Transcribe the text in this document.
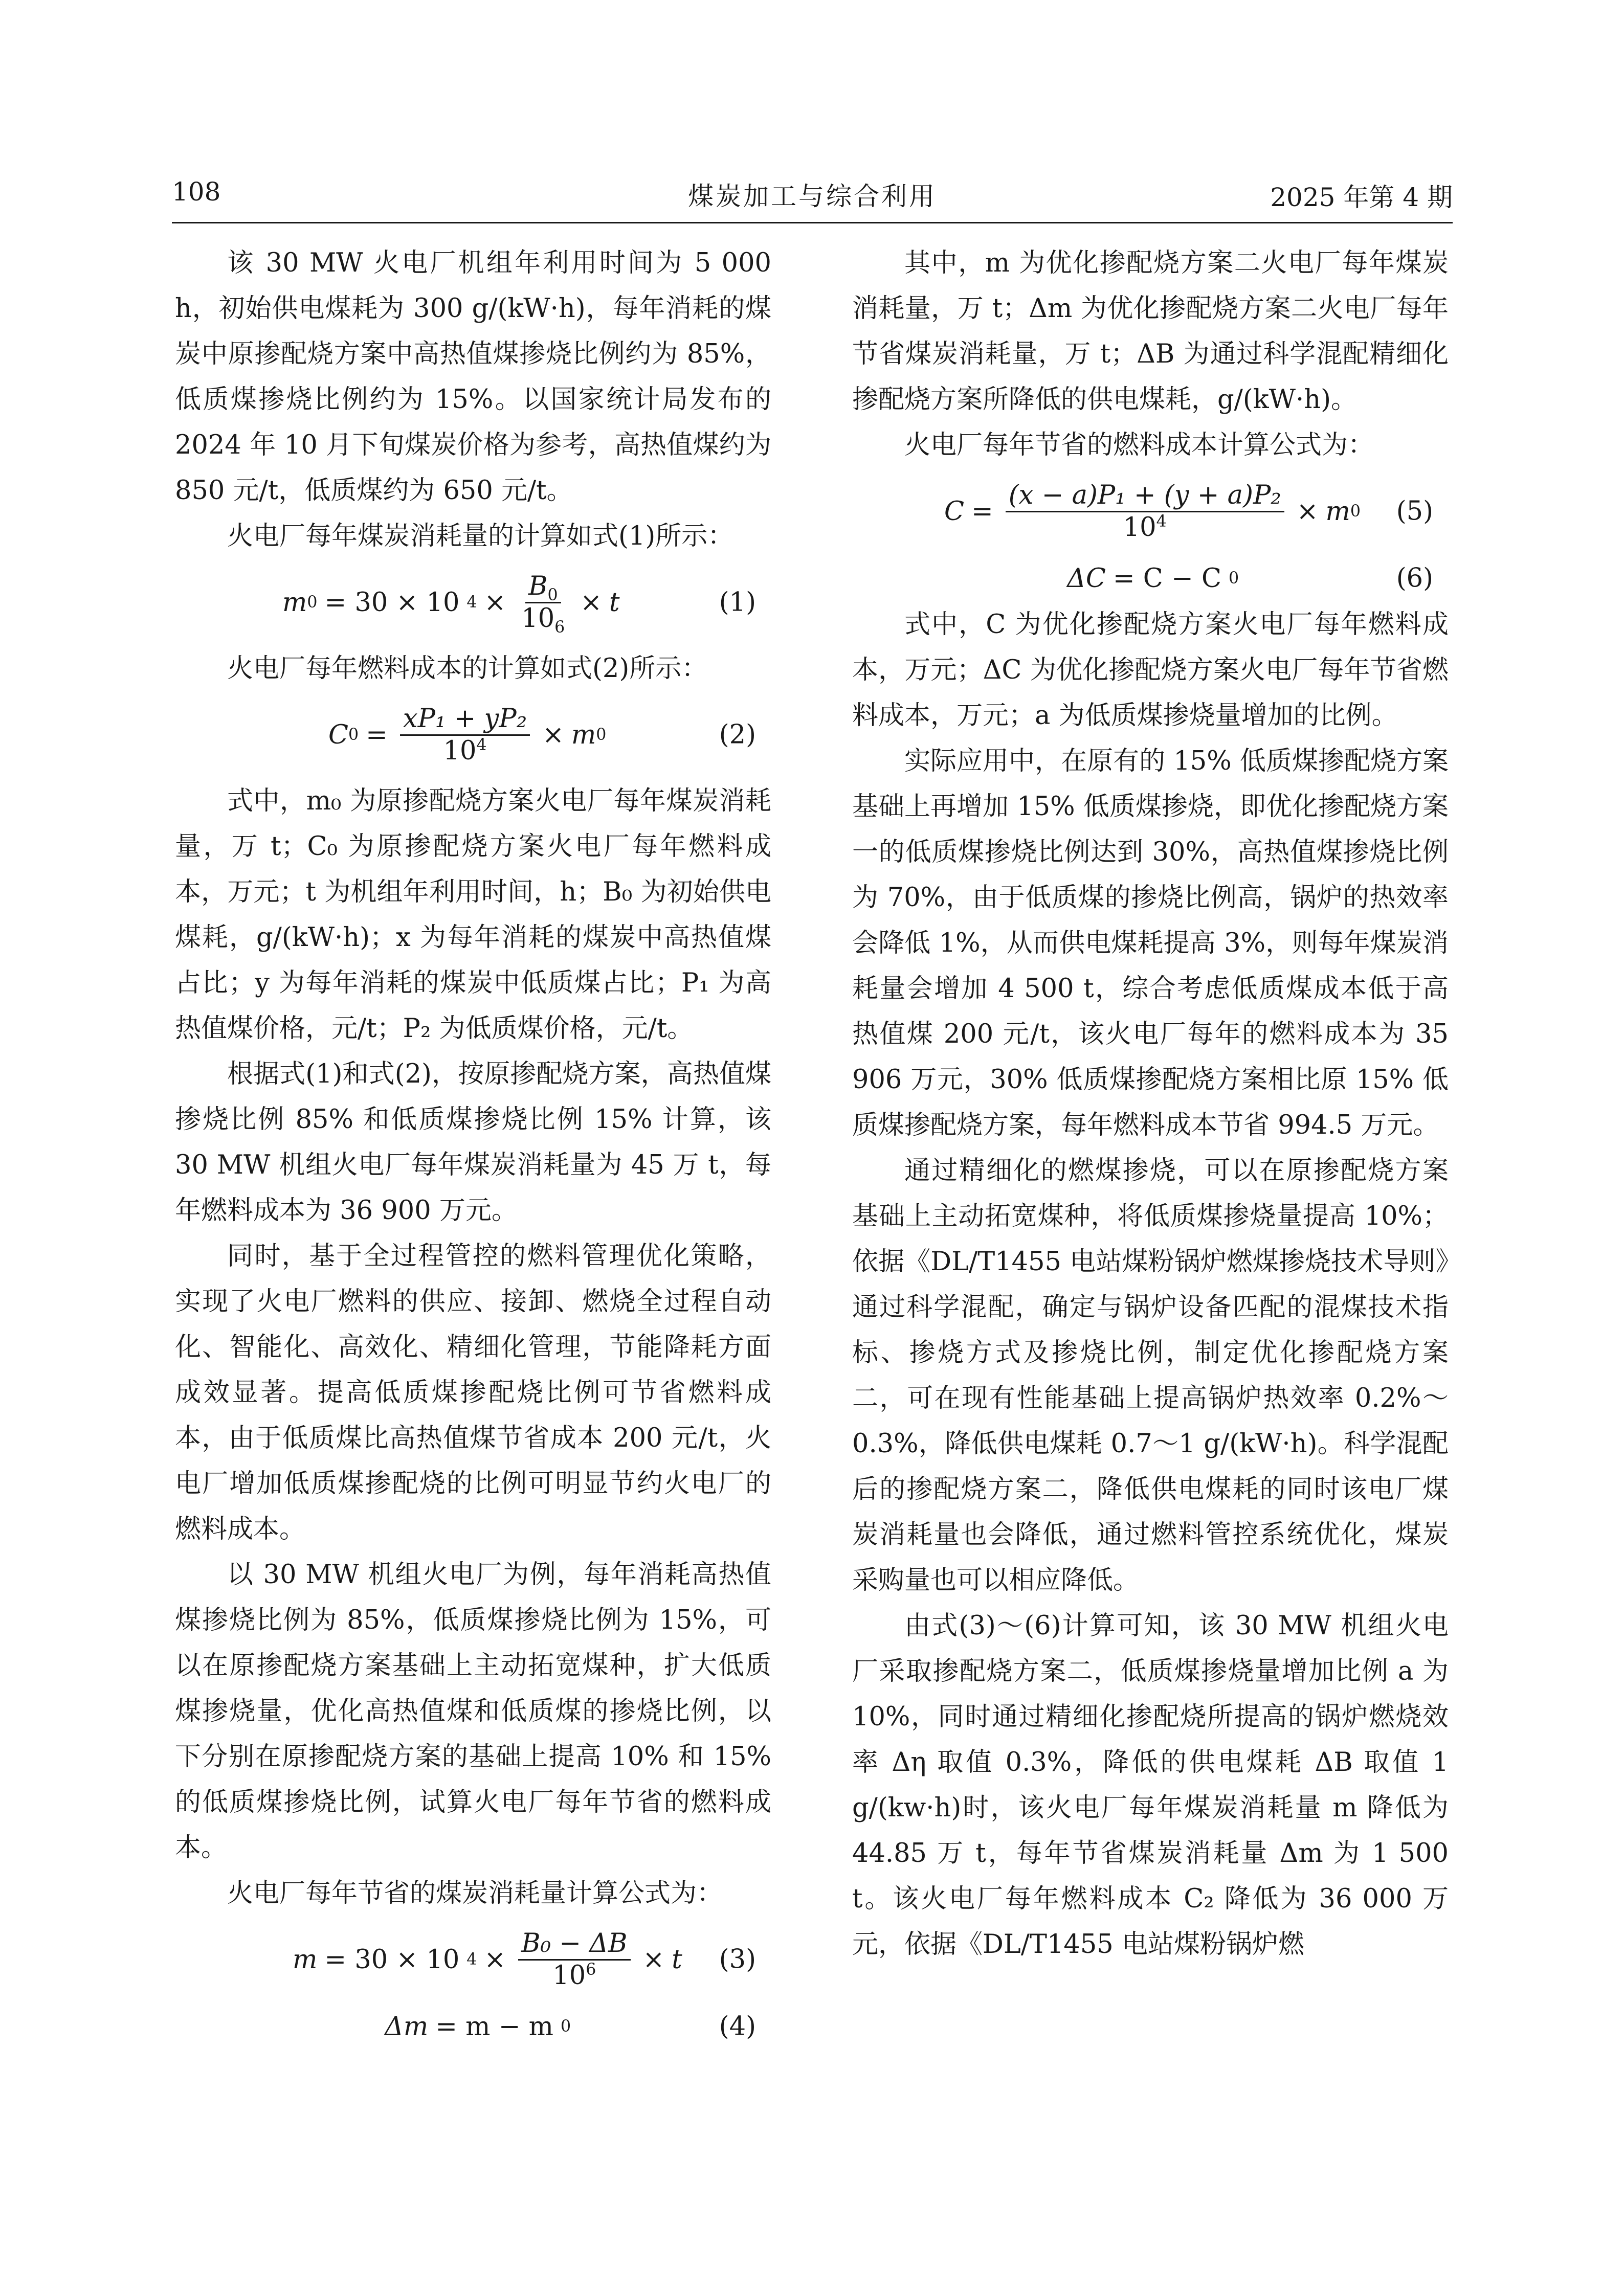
108	煤炭加工与综合利用	2025 年第 4 期

该 30 MW 火电厂机组年利用时间为 5 000 h，初始供电煤耗为 300 g/(kW·h)，每年消耗的煤炭中原掺配烧方案中高热值煤掺烧比例约为 85%，低质煤掺烧比例约为 15%。以国家统计局发布的 2024 年 10 月下旬煤炭价格为参考，高热值煤约为 850 元/t，低质煤约为 650 元/t。

火电厂每年煤炭消耗量的计算如式(1)所示：

m 0 = 30 × 10 $4 \times \frac{B_0}{10_6} \times t$	(1)

火电厂每年燃料成本的计算如式(2)所示：

C $0 = \frac{\text{xP₁ + yP₂}}{10^4} \times m$ 0	(2)

式中，m₀ 为原掺配烧方案火电厂每年煤炭消耗量，万 t；C₀ 为原掺配烧方案火电厂每年燃料成本，万元；t 为机组年利用时间，h；B₀ 为初始供电煤耗，g/(kW·h)；x 为每年消耗的煤炭中高热值煤占比；y 为每年消耗的煤炭中低质煤占比；P₁ 为高热值煤价格，元/t；P₂ 为低质煤价格，元/t。

根据式(1)和式(2)，按原掺配烧方案，高热值煤掺烧比例 85% 和低质煤掺烧比例 15% 计算，该 30 MW 机组火电厂每年煤炭消耗量为 45 万 t，每年燃料成本为 36 900 万元。

同时，基于全过程管控的燃料管理优化策略，实现了火电厂燃料的供应、接卸、燃烧全过程自动化、智能化、高效化、精细化管理，节能降耗方面成效显著。提高低质煤掺配烧比例可节省燃料成本，由于低质煤比高热值煤节省成本 200 元/t，火电厂增加低质煤掺配烧的比例可明显节约火电厂的燃料成本。

以 30 MW 机组火电厂为例，每年消耗高热值煤掺烧比例为 85%，低质煤掺烧比例为 15%，可以在原掺配烧方案基础上主动拓宽煤种，扩大低质煤掺烧量，优化高热值煤和低质煤的掺烧比例，以下分别在原掺配烧方案的基础上提高 10% 和 15% 的低质煤掺烧比例，试算火电厂每年节省的燃料成本。

火电厂每年节省的煤炭消耗量计算公式为：

m = 30 × 10 $4 \times \frac{\text{B₀ − ΔB}}{10^6} \times t$ (3)
Δm = m − m 0	(4)

其中，m 为优化掺配烧方案二火电厂每年煤炭消耗量，万 t；Δm 为优化掺配烧方案二火电厂每年节省煤炭消耗量，万 t；ΔB 为通过科学混配精细化掺配烧方案所降低的供电煤耗，g/(kW·h)。

火电厂每年节省的燃料成本计算公式为：

$C = \frac{\text{(x − a)P₁ + (y + a)P₂}}{10^4} \times m$ 0 (5)
ΔC = C − C 0	(6)

式中，C 为优化掺配烧方案火电厂每年燃料成本，万元；ΔC 为优化掺配烧方案火电厂每年节省燃料成本，万元；a 为低质煤掺烧量增加的比例。

实际应用中，在原有的 15% 低质煤掺配烧方案基础上再增加 15% 低质煤掺烧，即优化掺配烧方案一的低质煤掺烧比例达到 30%，高热值煤掺烧比例为 70%，由于低质煤的掺烧比例高，锅炉的热效率会降低 1%，从而供电煤耗提高 3%，则每年煤炭消耗量会增加 4 500 t，综合考虑低质煤成本低于高热值煤 200 元/t，该火电厂每年的燃料成本为 35 906 万元，30% 低质煤掺配烧方案相比原 15% 低质煤掺配烧方案，每年燃料成本节省 994.5 万元。

通过精细化的燃煤掺烧，可以在原掺配烧方案基础上主动拓宽煤种，将低质煤掺烧量提高 10%；依据《DL/T1455 电站煤粉锅炉燃煤掺烧技术导则》通过科学混配，确定与锅炉设备匹配的混煤技术指标、掺烧方式及掺烧比例，制定优化掺配烧方案二，可在现有性能基础上提高锅炉热效率 0.2%～0.3%，降低供电煤耗 0.7～1 g/(kW·h)。科学混配后的掺配烧方案二，降低供电煤耗的同时该电厂煤炭消耗量也会降低，通过燃料管控系统优化，煤炭采购量也可以相应降低。

由式(3)～(6)计算可知，该 30 MW 机组火电厂采取掺配烧方案二，低质煤掺烧量增加比例 a 为 10%，同时通过精细化掺配烧所提高的锅炉燃烧效率 Δη 取值 0.3%，降低的供电煤耗 ΔB 取值 1 g/(kw·h)时，该火电厂每年煤炭消耗量 m 降低为 44.85 万 t，每年节省煤炭消耗量 Δm 为 1 500 t。该火电厂每年燃料成本 C₂ 降低为 36 000 万元，依据《DL/T1455 电站煤粉锅炉燃
